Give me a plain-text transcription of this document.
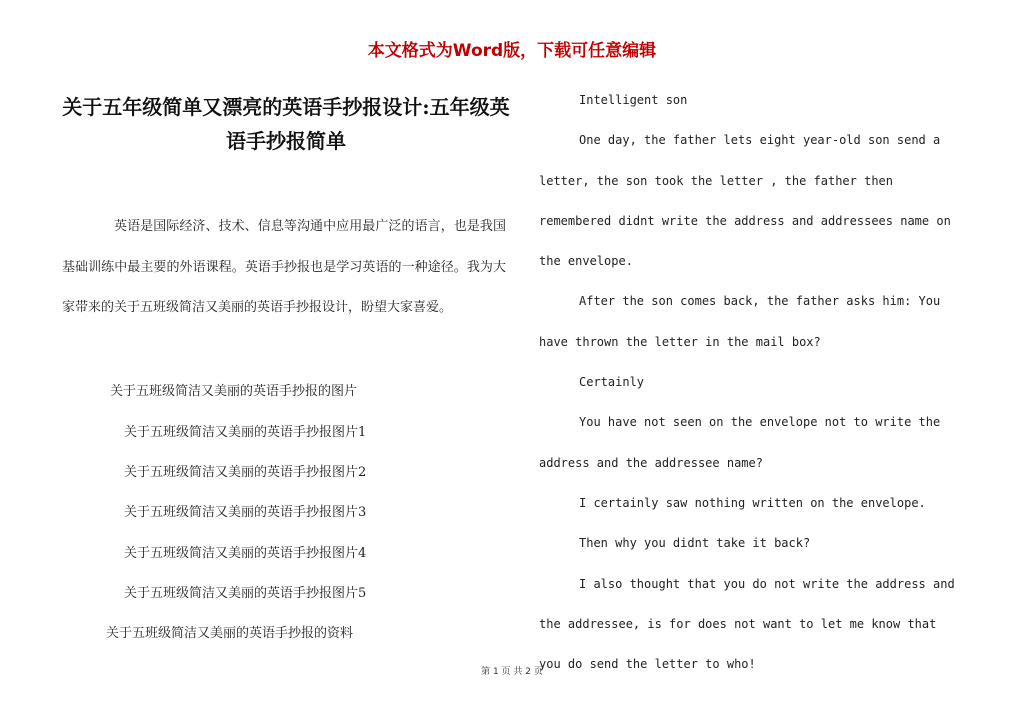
本文格式为Word版，下载可任意编辑
关于五年级简单又漂亮的英语手抄报设计:五年级英语手抄报简单

英语是国际经济、技术、信息等沟通中应用最广泛的语言，也是我国基础训练中最主要的外语课程。英语手抄报也是学习英语的一种途径。我为大家带来的关于五班级简洁又美丽的英语手抄报设计，盼望大家喜爱。

关于五班级简洁又美丽的英语手抄报的图片
关于五班级简洁又美丽的英语手抄报图片1
关于五班级简洁又美丽的英语手抄报图片2
关于五班级简洁又美丽的英语手抄报图片3
关于五班级简洁又美丽的英语手抄报图片4
关于五班级简洁又美丽的英语手抄报图片5
关于五班级简洁又美丽的英语手抄报的资料

Intelligent son

One day, the father lets eight year-old son send a letter, the son took the letter , the father then remembered didnt write the address and addressees name on the envelope.

After the son comes back, the father asks him: You have thrown the letter in the mail box?

Certainly

You have not seen on the envelope not to write the address and the addressee name?

I certainly saw nothing written on the envelope.

Then why you didnt take it back?

I also thought that you do not write the address and the addressee, is for does not want to let me know that you do send the letter to who!

第 1 页 共 2 页
